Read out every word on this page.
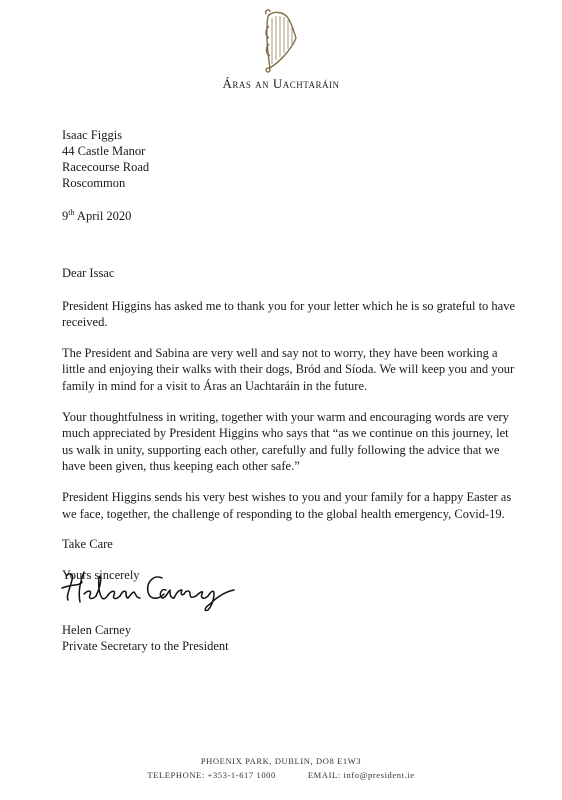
Áras an Uachtaráin
Isaac Figgis
44 Castle Manor
Racecourse Road
Roscommon
9th April 2020
Dear Issac

President Higgins has asked me to thank you for your letter which he is so grateful to have received.

The President and Sabina are very well and say not to worry, they have been working a little and enjoying their walks with their dogs, Bród and Síoda. We will keep you and your family in mind for a visit to Áras an Uachtaráin in the future.

Your thoughtfulness in writing, together with your warm and encouraging words are very much appreciated by President Higgins who says that “as we continue on this journey, let us walk in unity, supporting each other, carefully and fully following the advice that we have been given, thus keeping each other safe.”

President Higgins sends his very best wishes to you and your family for a happy Easter as we face, together, the challenge of responding to the global health emergency, Covid-19.

Take Care
Yours sincerely
Helen Carney
Private Secretary to the President
PHOENIX PARK, DUBLIN, DO8 E1W3
TELEPHONE: +353-1-617 1000	EMAIL: info@president.ie
